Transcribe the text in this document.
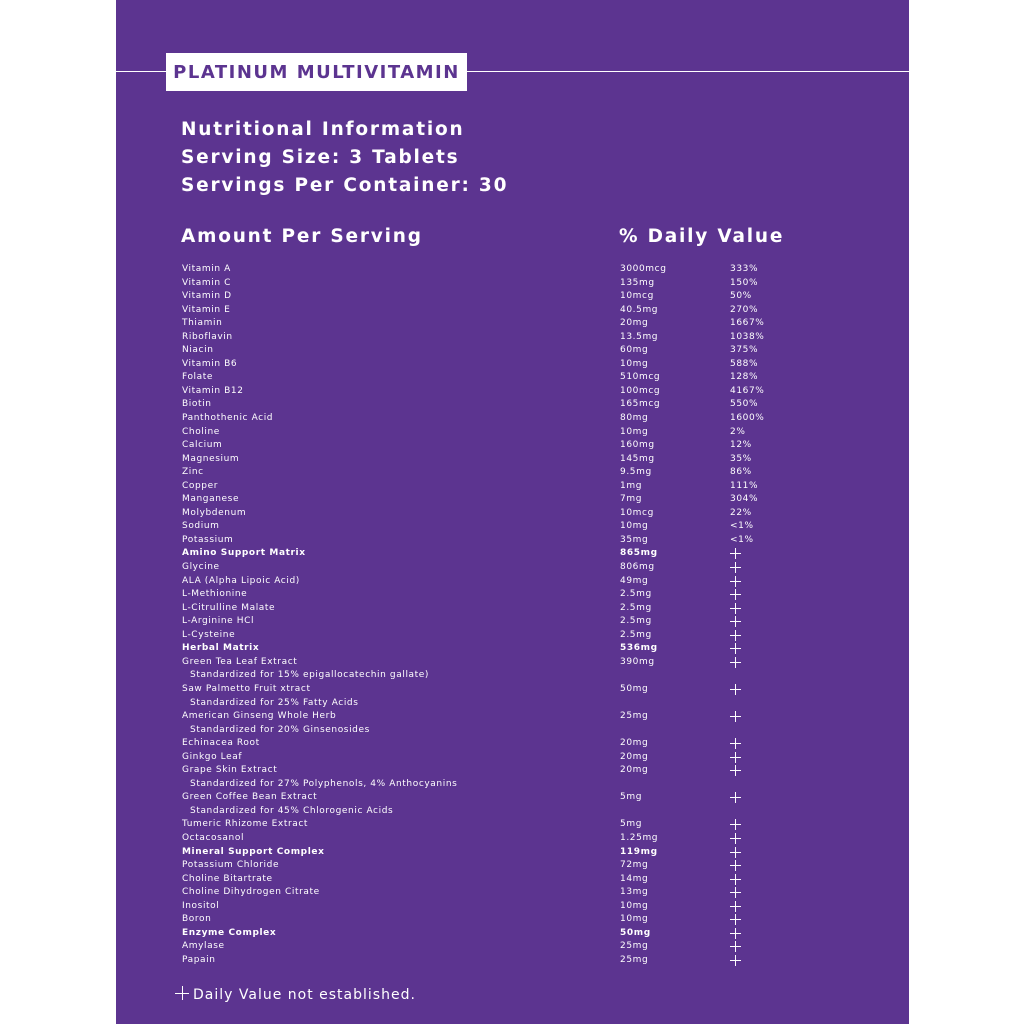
PLATINUM MULTIVITAMIN
Nutritional Information
Serving Size: 3 Tablets
Servings Per Container: 30
Amount Per Serving	% Daily Value
Vitamin A	3000mcg	333%
Vitamin C	135mg	150%
Vitamin D	10mcg	50%
Vitamin E	40.5mg	270%
Thiamin	20mg	1667%
Riboflavin	13.5mg	1038%
Niacin	60mg	375%
Vitamin B6	10mg	588%
Folate	510mcg	128%
Vitamin B12	100mcg	4167%
Biotin	165mcg	550%
Panthothenic Acid	80mg	1600%
Choline	10mg	2%
Calcium	160mg	12%
Magnesium	145mg	35%
Zinc	9.5mg	86%
Copper	1mg	111%
Manganese	7mg	304%
Molybdenum	10mcg	22%
Sodium	10mg	<1%
Potassium	35mg	<1%
Amino Support Matrix	865mg
Glycine	806mg
ALA (Alpha Lipoic Acid)	49mg
L-Methionine	2.5mg
L-Citrulline Malate	2.5mg
L-Arginine HCl	2.5mg
L-Cysteine	2.5mg
Herbal Matrix	536mg
Green Tea Leaf Extract	390mg
Standardized for 15% epigallocatechin gallate)
Saw Palmetto Fruit xtract	50mg
Standardized for 25% Fatty Acids
American Ginseng Whole Herb	25mg
Standardized for 20% Ginsenosides
Echinacea Root	20mg
Ginkgo Leaf	20mg
Grape Skin Extract	20mg
Standardized for 27% Polyphenols, 4% Anthocyanins
Green Coffee Bean Extract	5mg
Standardized for 45% Chlorogenic Acids
Tumeric Rhizome Extract	5mg
Octacosanol	1.25mg
Mineral Support Complex	119mg
Potassium Chloride	72mg
Choline Bitartrate	14mg
Choline Dihydrogen Citrate	13mg
Inositol	10mg
Boron	10mg
Enzyme Complex	50mg
Amylase	25mg
Papain	25mg
Daily Value not established.
